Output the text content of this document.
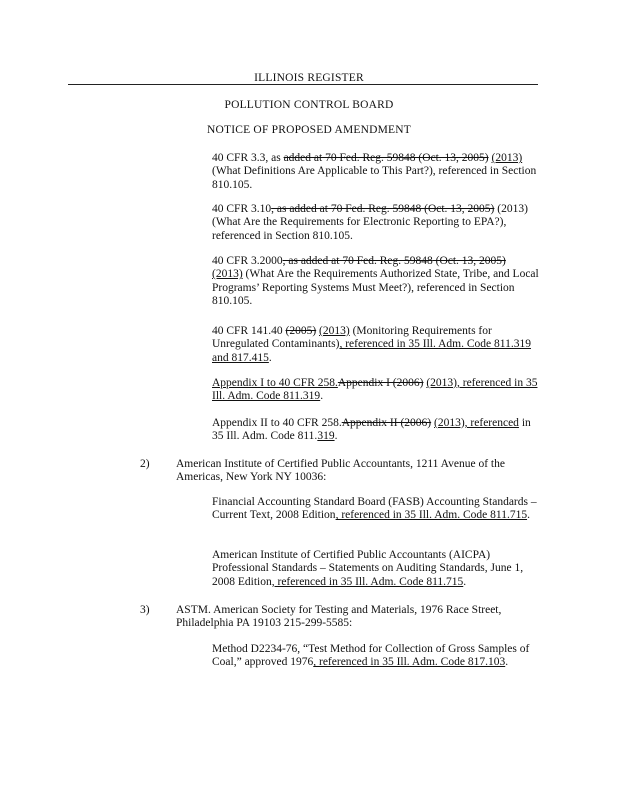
ILLINOIS REGISTER
POLLUTION CONTROL BOARD
NOTICE OF PROPOSED AMENDMENT
40 CFR 3.3, as added at 70 Fed. Reg. 59848 (Oct. 13, 2005) (2013) (What Definitions Are Applicable to This Part?), referenced in Section 810.105.
40 CFR 3.10, as added at 70 Fed. Reg. 59848 (Oct. 13, 2005) (2013) (What Are the Requirements for Electronic Reporting to EPA?), referenced in Section 810.105.
40 CFR 3.2000, as added at 70 Fed. Reg. 59848 (Oct. 13, 2005)
(2013) (What Are the Requirements Authorized State, Tribe, and Local Programs’ Reporting Systems Must Meet?), referenced in Section 810.105.
40 CFR 141.40 (2005) (2013) (Monitoring Requirements for Unregulated Contaminants), referenced in 35 Ill. Adm. Code 811.319 and 817.415.
Appendix I to 40 CFR 258.Appendix I (2006) (2013), referenced in 35 Ill. Adm. Code 811.319.
Appendix II to 40 CFR 258.Appendix II (2006) (2013), referenced in 35 Ill. Adm. Code 811.319.
2) American Institute of Certified Public Accountants, 1211 Avenue of the Americas, New York NY 10036:
Financial Accounting Standard Board (FASB) Accounting Standards – Current Text, 2008 Edition, referenced in 35 Ill. Adm. Code 811.715.
American Institute of Certified Public Accountants (AICPA) Professional Standards – Statements on Auditing Standards, June 1, 2008 Edition, referenced in 35 Ill. Adm. Code 811.715.
3) ASTM. American Society for Testing and Materials, 1976 Race Street, Philadelphia PA 19103 215-299-5585:
Method D2234-76, “Test Method for Collection of Gross Samples of Coal,” approved 1976, referenced in 35 Ill. Adm. Code 817.103.
